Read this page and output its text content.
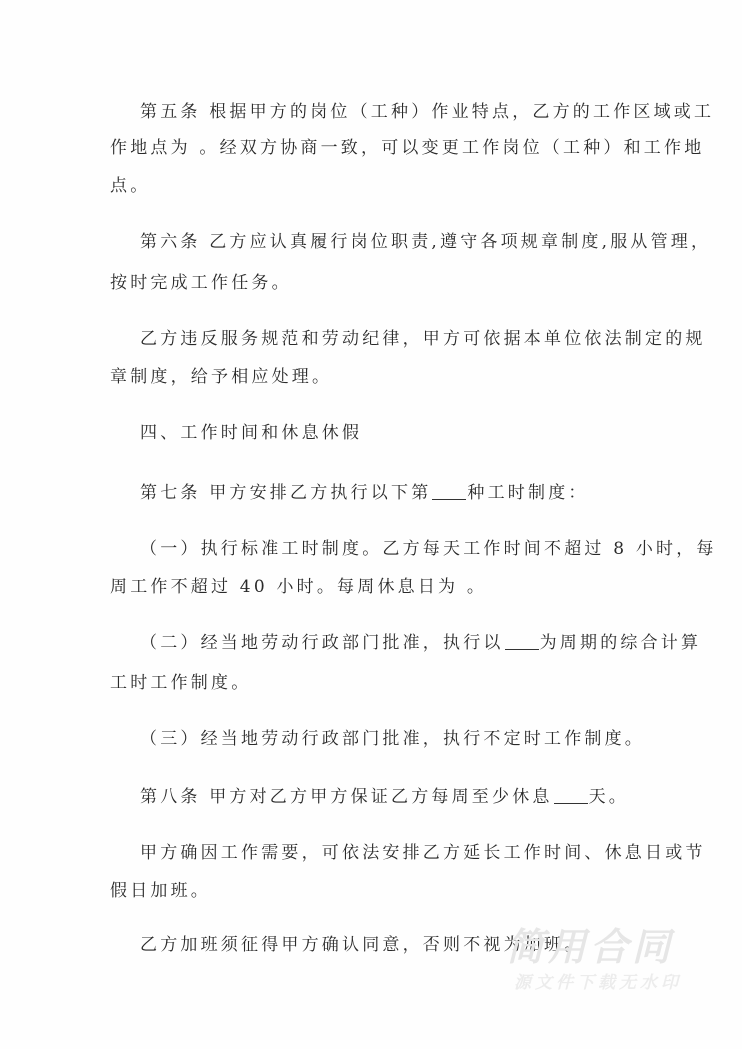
第五条 根据甲方的岗位（工种）作业特点，乙方的工作区域或工
作地点为 。经双方协商一致，可以变更工作岗位（工种）和工作地
点。
第六条 乙方应认真履行岗位职责,遵守各项规章制度,服从管理，
按时完成工作任务。
乙方违反服务规范和劳动纪律，甲方可依据本单位依法制定的规
章制度，给予相应处理。
四、工作时间和休息休假
第七条 甲方安排乙方执行以下第 种工时制度：
（一）执行标准工时制度。乙方每天工作时间不超过 8 小时，每
周工作不超过 40 小时。每周休息日为 。
（二）经当地劳动行政部门批准，执行以 为周期的综合计算
工时工作制度。
（三）经当地劳动行政部门批准，执行不定时工作制度。
第八条 甲方对乙方甲方保证乙方每周至少休息 天。
甲方确因工作需要，可依法安排乙方延长工作时间、休息日或节
假日加班。
乙方加班须征得甲方确认同意，否则不视为加班。
简用合同
源文件下载无水印
